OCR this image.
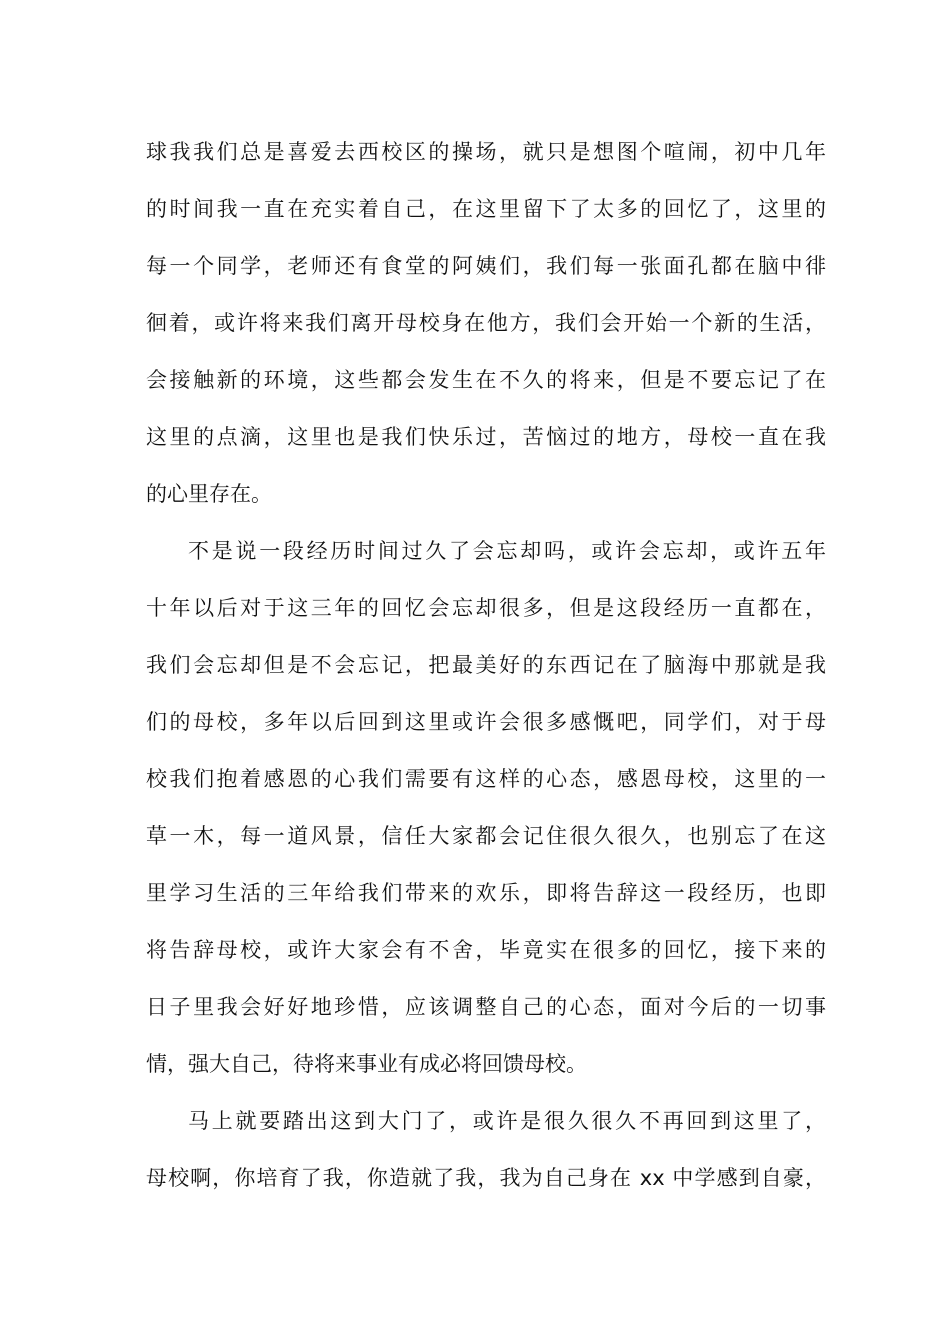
球我我们总是喜爱去西校区的操场，就只是想图个喧闹，初中几年
的时间我一直在充实着自己，在这里留下了太多的回忆了，这里的
每一个同学，老师还有食堂的阿姨们，我们每一张面孔都在脑中徘
徊着，或许将来我们离开母校身在他方，我们会开始一个新的生活，
会接触新的环境，这些都会发生在不久的将来，但是不要忘记了在
这里的点滴，这里也是我们快乐过，苦恼过的地方，母校一直在我
的心里存在。
不是说一段经历时间过久了会忘却吗，或许会忘却，或许五年
十年以后对于这三年的回忆会忘却很多，但是这段经历一直都在，
我们会忘却但是不会忘记，把最美好的东西记在了脑海中那就是我
们的母校，多年以后回到这里或许会很多感慨吧，同学们，对于母
校我们抱着感恩的心我们需要有这样的心态，感恩母校，这里的一
草一木，每一道风景，信任大家都会记住很久很久，也别忘了在这
里学习生活的三年给我们带来的欢乐，即将告辞这一段经历，也即
将告辞母校，或许大家会有不舍，毕竟实在很多的回忆，接下来的
日子里我会好好地珍惜，应该调整自己的心态，面对今后的一切事
情，强大自己，待将来事业有成必将回馈母校。
马上就要踏出这到大门了，或许是很久很久不再回到这里了，
母校啊，你培育了我，你造就了我，我为自己身在 xx 中学感到自豪，
